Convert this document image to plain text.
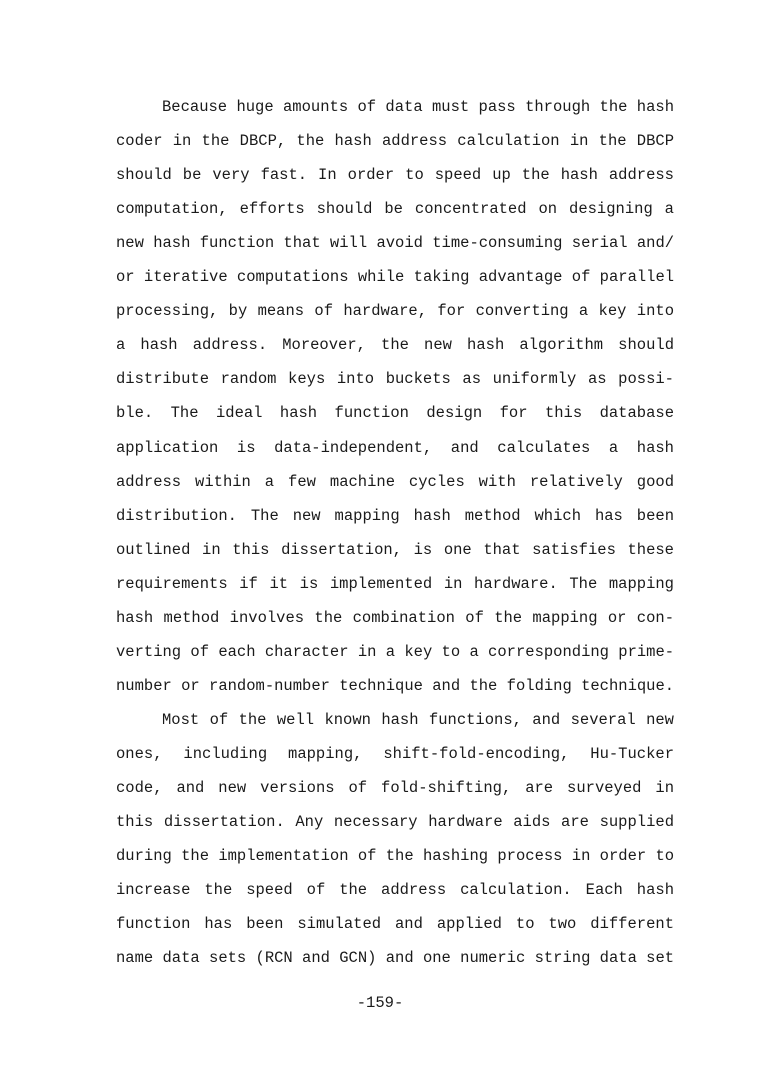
Because huge amounts of data must pass through the hash
coder in the DBCP, the hash address calculation in the DBCP
should be very fast. In order to speed up the hash address
computation, efforts should be concentrated on designing a
new hash function that will avoid time-consuming serial and/
or iterative computations while taking advantage of parallel
processing, by means of hardware, for converting a key into
a hash address. Moreover, the new hash algorithm should
distribute random keys into buckets as uniformly as possi-
ble. The ideal hash function design for this database
application is data-independent, and calculates a hash
address within a few machine cycles with relatively good
distribution. The new mapping hash method which has been
outlined in this dissertation, is one that satisfies these
requirements if it is implemented in hardware. The mapping
hash method involves the combination of the mapping or con-
verting of each character in a key to a corresponding prime-
number or random-number technique and the folding technique.
Most of the well known hash functions, and several new
ones, including mapping, shift-fold-encoding, Hu-Tucker
code, and new versions of fold-shifting, are surveyed in
this dissertation. Any necessary hardware aids are supplied
during the implementation of the hashing process in order to
increase the speed of the address calculation. Each hash
function has been simulated and applied to two different
name data sets (RCN and GCN) and one numeric string data set
-159-
